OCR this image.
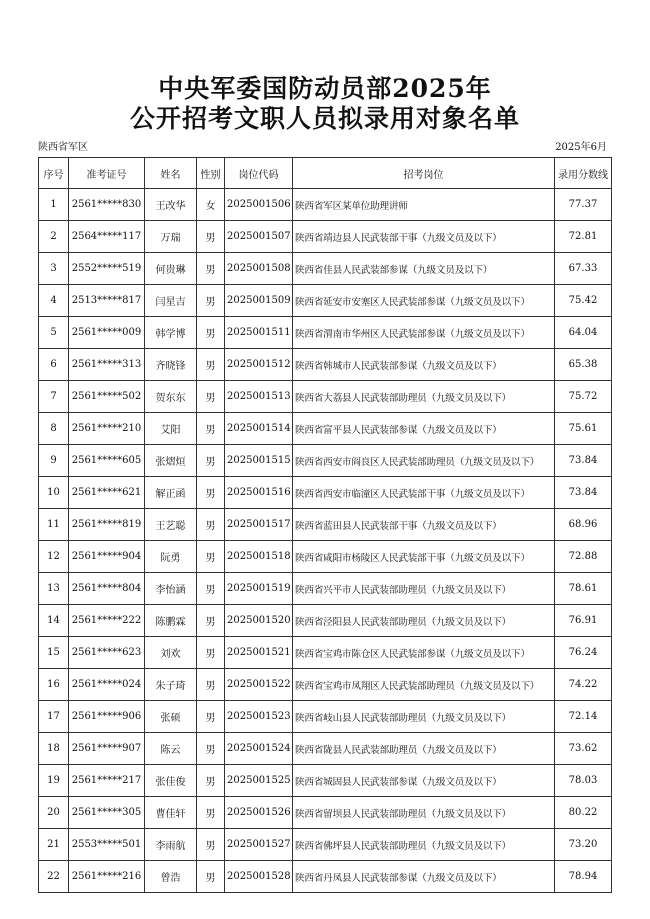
中央军委国防动员部2025年
公开招考文职人员拟录用对象名单
陕西省军区	2025年6月
序号	准考证号	姓名	性别	岗位代码	招考岗位	录用分数线
1	2561*****830	王改华	女	2025001506	陕西省军区某单位助理讲师	77.37
2	2564*****117	万瑞	男	2025001507	陕西省靖边县人民武装部干事（九级文员及以下）	72.81
3	2552*****519	何贵琳	男	2025001508	陕西省佳县人民武装部参谋（九级文员及以下）	67.33
4	2513*****817	闫星吉	男	2025001509	陕西省延安市安塞区人民武装部参谋（九级文员及以下）	75.42
5	2561*****009	韩学博	男	2025001511	陕西省渭南市华州区人民武装部参谋（九级文员及以下）	64.04
6	2561*****313	齐晓锋	男	2025001512	陕西省韩城市人民武装部参谋（九级文员及以下）	65.38
7	2561*****502	贺东东	男	2025001513	陕西省大荔县人民武装部助理员（九级文员及以下）	75.72
8	2561*****210	艾阳	男	2025001514	陕西省富平县人民武装部参谋（九级文员及以下）	75.61
9	2561*****605	张熠烜	男	2025001515	陕西省西安市阎良区人民武装部助理员（九级文员及以下）	73.84
10	2561*****621	解正函	男	2025001516	陕西省西安市临潼区人民武装部干事（九级文员及以下）	73.84
11	2561*****819	王艺聪	男	2025001517	陕西省蓝田县人民武装部干事（九级文员及以下）	68.96
12	2561*****904	阮勇	男	2025001518	陕西省咸阳市杨陵区人民武装部干事（九级文员及以下）	72.88
13	2561*****804	李怡涵	男	2025001519	陕西省兴平市人民武装部助理员（九级文员及以下）	78.61
14	2561*****222	陈鹏霖	男	2025001520	陕西省泾阳县人民武装部助理员（九级文员及以下）	76.91
15	2561*****623	刘欢	男	2025001521	陕西省宝鸡市陈仓区人民武装部参谋（九级文员及以下）	76.24
16	2561*****024	朱子琦	男	2025001522	陕西省宝鸡市凤翔区人民武装部助理员（九级文员及以下）	74.22
17	2561*****906	张硕	男	2025001523	陕西省岐山县人民武装部助理员（九级文员及以下）	72.14
18	2561*****907	陈云	男	2025001524	陕西省陇县人民武装部助理员（九级文员及以下）	73.62
19	2561*****217	张佳俊	男	2025001525	陕西省城固县人民武装部参谋（九级文员及以下）	78.03
20	2561*****305	曹佳轩	男	2025001526	陕西省留坝县人民武装部助理员（九级文员及以下）	80.22
21	2553*****501	李雨航	男	2025001527	陕西省佛坪县人民武装部助理员（九级文员及以下）	73.20
22	2561*****216	曾浩	男	2025001528	陕西省丹凤县人民武装部参谋（九级文员及以下）	78.94
